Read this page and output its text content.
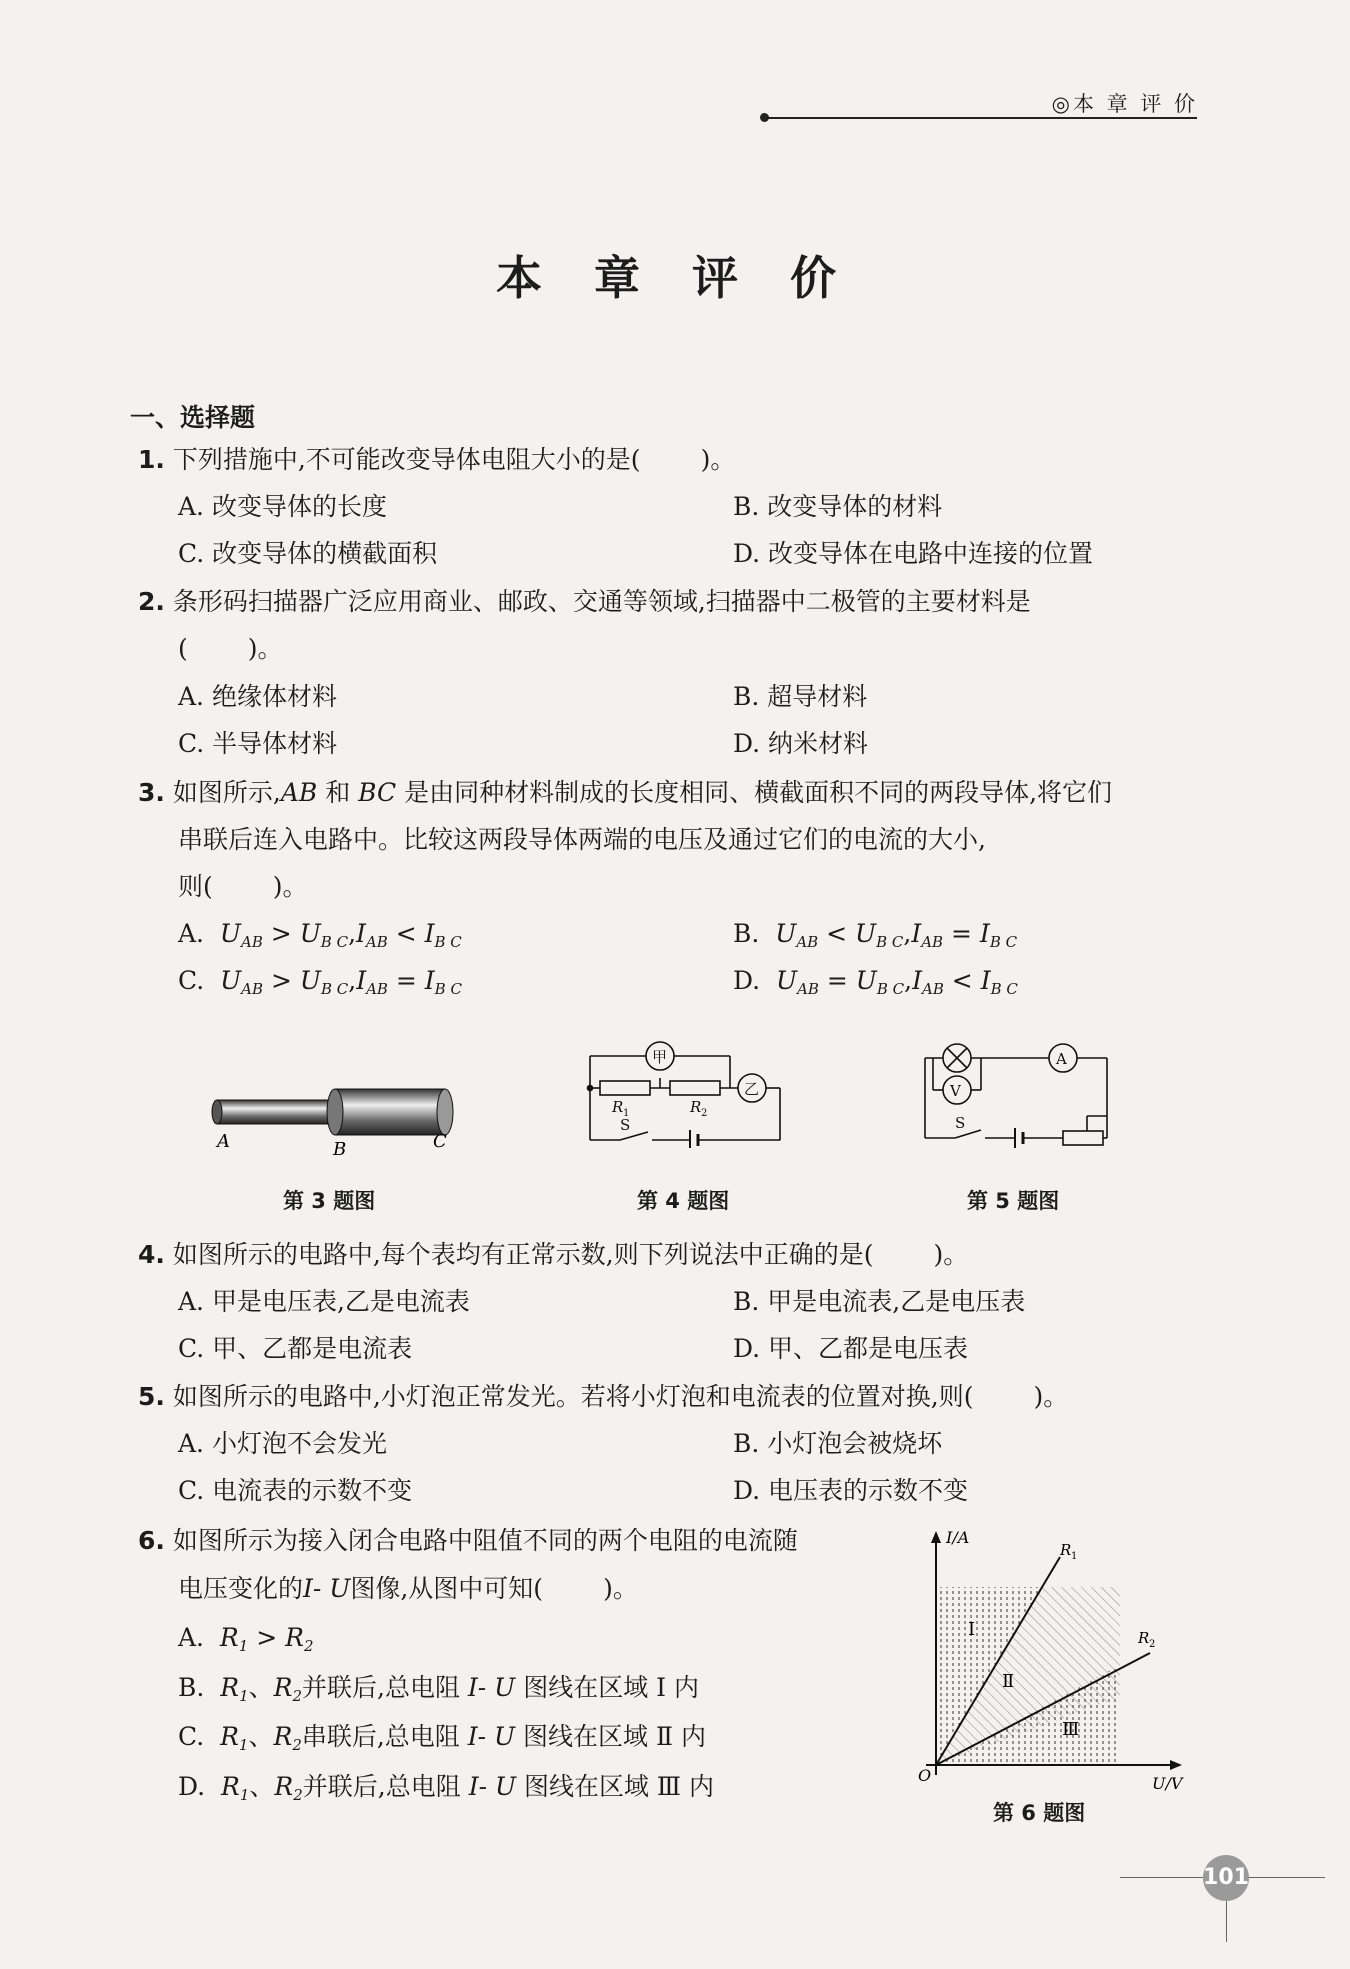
◎本 章 评 价
本 章 评 价
一、选择题
1. 下列措施中,不可能改变导体电阻大小的是( )。
A. 改变导体的长度	B. 改变导体的材料
C. 改变导体的横截面积	D. 改变导体在电路中连接的位置
2. 条形码扫描器广泛应用商业、邮政、交通等领域,扫描器中二极管的主要材料是
( )。
A. 绝缘体材料	B. 超导材料
C. 半导体材料	D. 纳米材料
3. 如图所示,AB 和 BC 是由同种材料制成的长度相同、横截面积不同的两段导体,将它们
串联后连入电路中。比较这两段导体两端的电压及通过它们的电流的大小,
则( )。
A. $U_{AB} > U_{B C},I_{AB} < I_{B C}$	B. $U_{AB} < U_{B C},I_{AB} = I_{B C}$
C. $U_{AB} > U_{B C},I_{AB} = I_{B C}$	D. $U_{AB} = U_{B C},I_{AB} < I_{B C}$
A	B	C
甲
乙
R 1	R 2
S
A
V
S
第 3 题图	第 4 题图	第 5 题图
4. 如图所示的电路中,每个表均有正常示数,则下列说法中正确的是( )。
A. 甲是电压表,乙是电流表	B. 甲是电流表,乙是电压表
C. 甲、乙都是电流表	D. 甲、乙都是电压表
5. 如图所示的电路中,小灯泡正常发光。若将小灯泡和电流表的位置对换,则( )。
A. 小灯泡不会发光	B. 小灯泡会被烧坏
C. 电流表的示数不变	D. 电压表的示数不变
6. 如图所示为接入闭合电路中阻值不同的两个电阻的电流随
电压变化的I- U图像,从图中可知( )。
A. $R_1 > R_2$
B. $R_1$、$R_2$并联后,总电阻 I- U 图线在区域 Ⅰ 内
C. $R_1$、$R_2$串联后,总电阻 I- U 图线在区域 Ⅱ 内
D. $R_1$、$R_2$并联后,总电阻 I- U 图线在区域 Ⅲ 内
I/A
U/V
O
R 1
R 2
Ⅰ
Ⅱ
Ⅲ
第 6 题图
101
